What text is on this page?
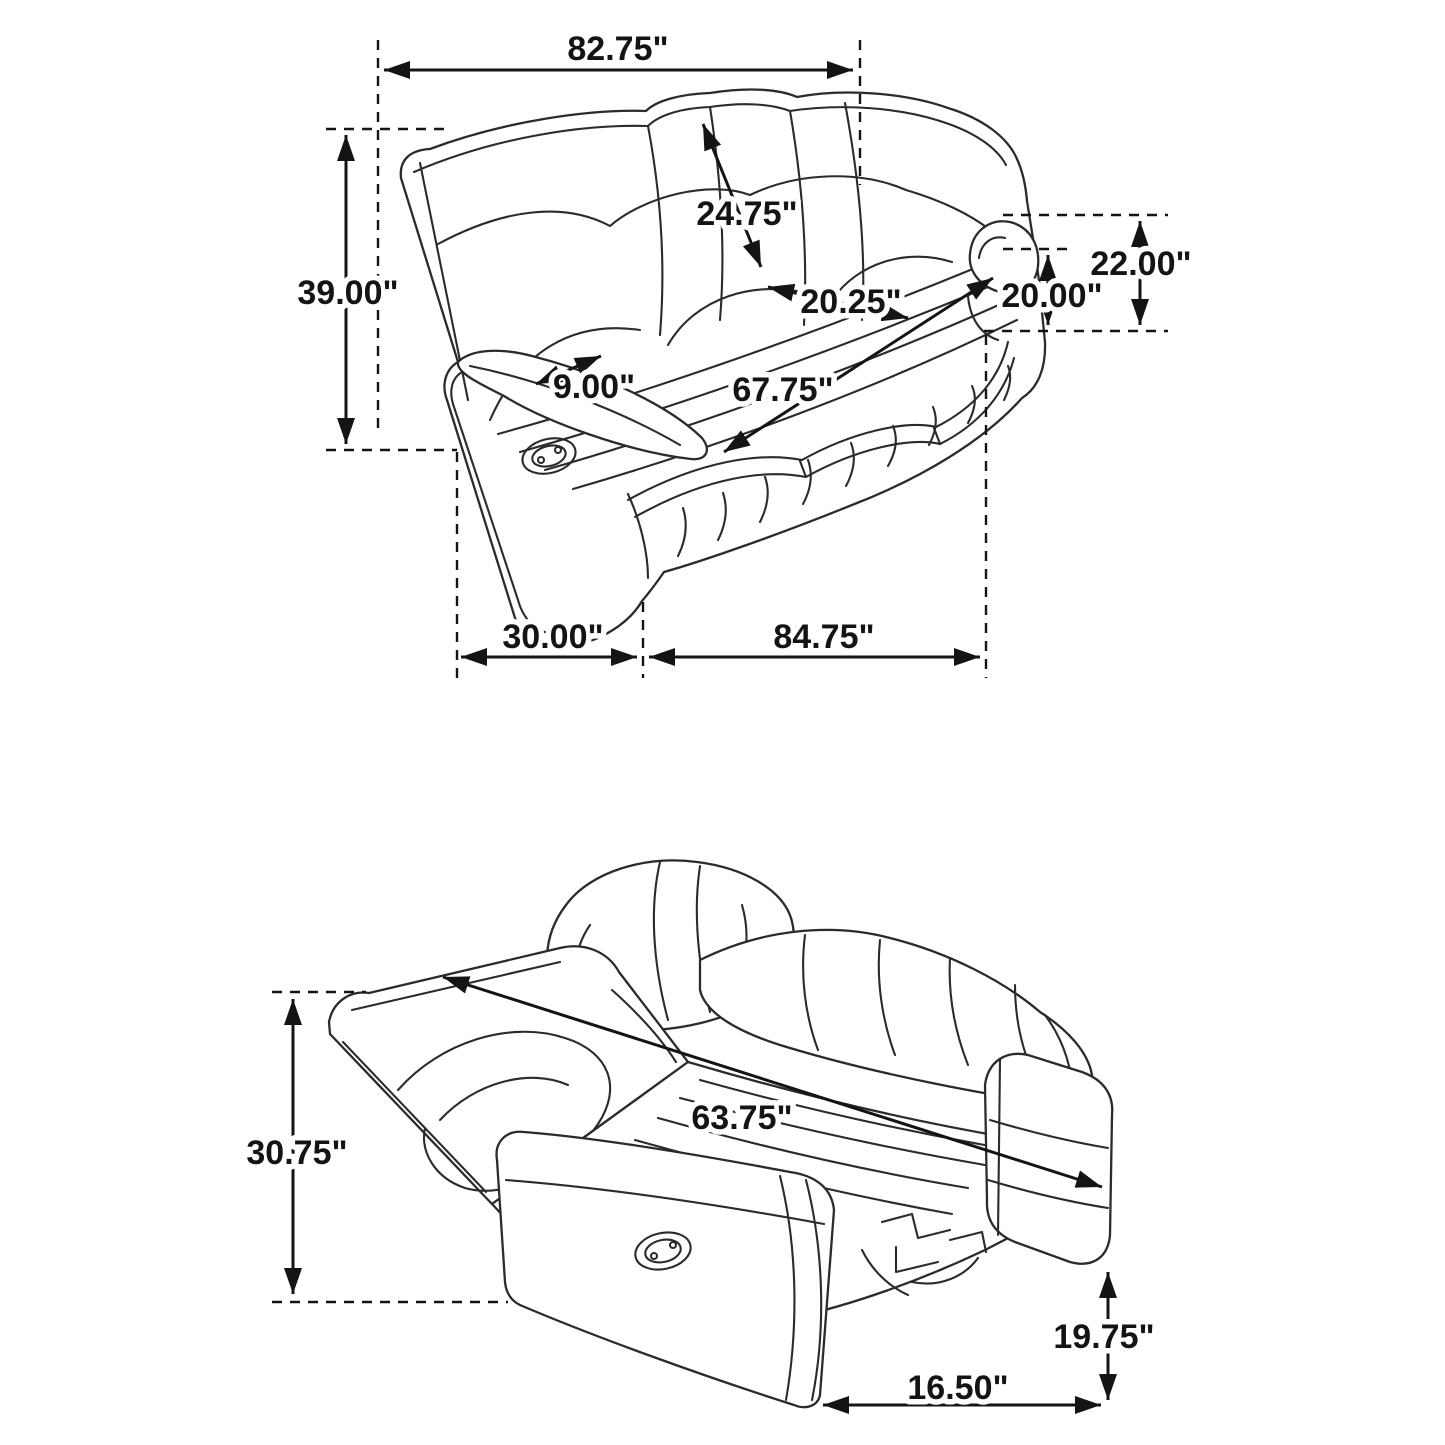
82.75"
39.00"
24.75"
22.00"
20.00"
20.25"
9.00"	67.75"
30.00"	84.75"
30.75"
63.75"
19.75"
16.50"
